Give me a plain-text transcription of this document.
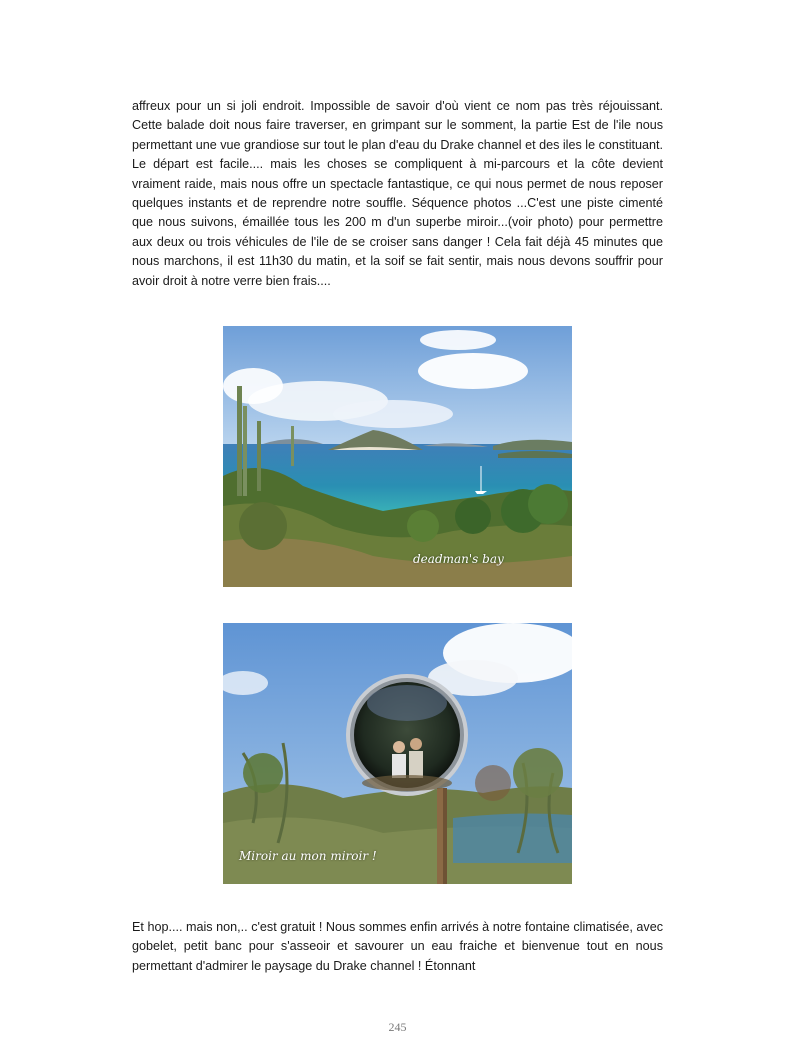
affreux pour un si joli endroit. Impossible de savoir d'où vient ce nom pas très réjouissant. Cette balade doit nous faire traverser, en grimpant sur le somment, la partie Est de l'ile nous permettant une vue grandiose sur tout le plan d'eau du Drake channel et des iles le constituant. Le départ est facile.... mais les choses se compliquent à mi-parcours et la côte devient vraiment raide, mais nous offre un spectacle fantastique, ce qui nous permet de nous reposer quelques instants et de reprendre notre souffle. Séquence photos ...C'est une piste cimenté que nous suivons, émaillée tous les 200 m d'un superbe miroir...(voir photo) pour permettre aux deux ou trois véhicules de l'ile de se croiser sans danger ! Cela fait déjà 45 minutes que nous marchons, il est 11h30 du matin, et la soif se fait sentir, mais nous devons souffrir pour avoir droit à notre verre bien frais....

deadman's bay
Miroir au mon miroir !

Et hop.... mais non,.. c'est gratuit ! Nous sommes enfin arrivés à notre fontaine climatisée, avec gobelet, petit banc pour s'asseoir et savourer un eau fraiche et bienvenue tout en nous permettant d'admirer le paysage du Drake channel ! Étonnant

245
